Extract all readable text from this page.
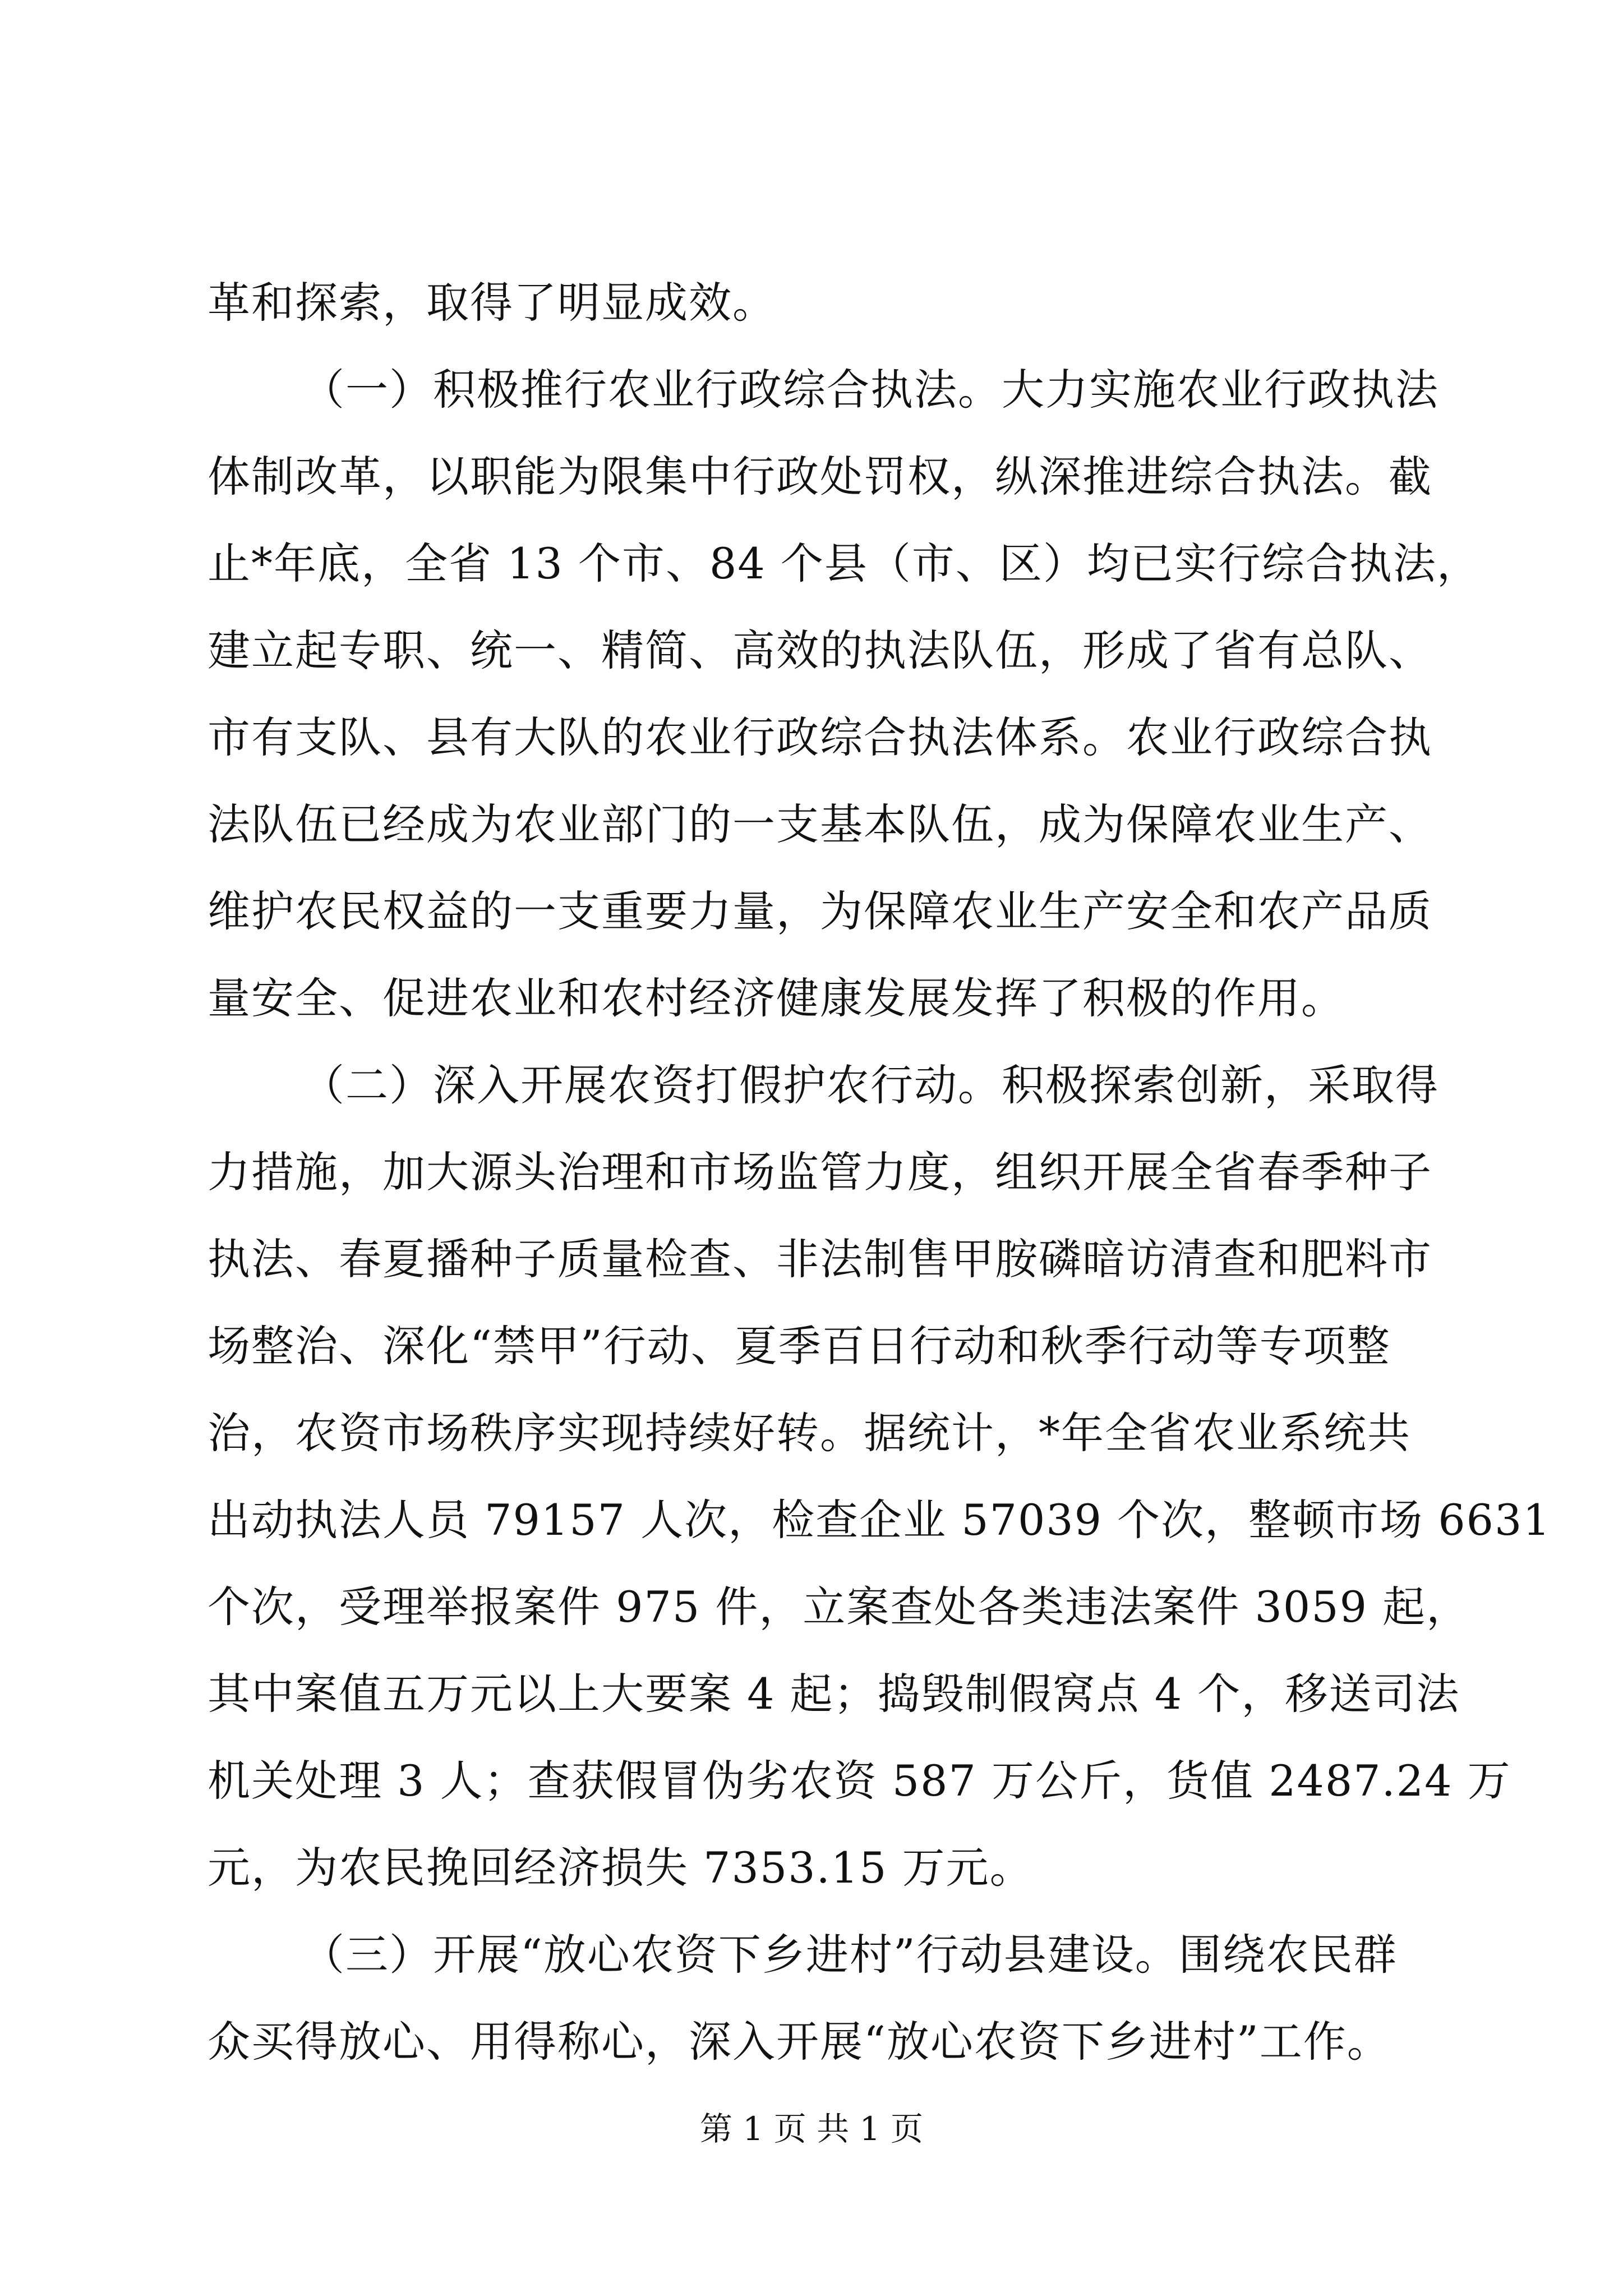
革和探索，取得了明显成效。
（一）积极推行农业行政综合执法。大力实施农业行政执法
体制改革，以职能为限集中行政处罚权，纵深推进综合执法。截
止*年底，全省 13 个市、84 个县（市、区）均已实行综合执法，
建立起专职、统一、精简、高效的执法队伍，形成了省有总队、
市有支队、县有大队的农业行政综合执法体系。农业行政综合执
法队伍已经成为农业部门的一支基本队伍，成为保障农业生产、
维护农民权益的一支重要力量，为保障农业生产安全和农产品质
量安全、促进农业和农村经济健康发展发挥了积极的作用。
（二）深入开展农资打假护农行动。积极探索创新，采取得
力措施，加大源头治理和市场监管力度，组织开展全省春季种子
执法、春夏播种子质量检查、非法制售甲胺磷暗访清查和肥料市
场整治、深化“禁甲”行动、夏季百日行动和秋季行动等专项整
治，农资市场秩序实现持续好转。据统计，*年全省农业系统共
出动执法人员 79157 人次，检查企业 57039 个次，整顿市场 6631
个次，受理举报案件 975 件，立案查处各类违法案件 3059 起，
其中案值五万元以上大要案 4 起；捣毁制假窝点 4 个，移送司法
机关处理 3 人；查获假冒伪劣农资 587 万公斤，货值 2487.24 万
元，为农民挽回经济损失 7353.15 万元。
（三）开展“放心农资下乡进村”行动县建设。围绕农民群
众买得放心、用得称心，深入开展“放心农资下乡进村”工作。
第 1 页 共 1 页
